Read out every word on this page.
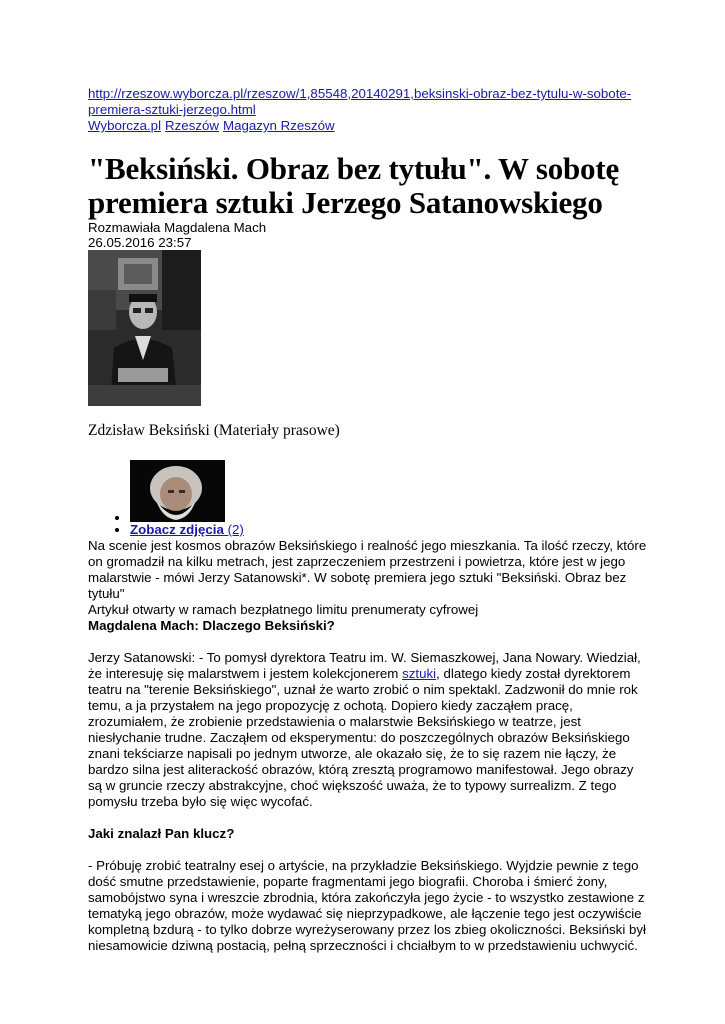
http://rzeszow.wyborcza.pl/rzeszow/1,85548,20140291,beksinski-obraz-bez-tytulu-w-sobote-
premiera-sztuki-jerzego.html
Wyborcza.pl Rzeszów Magazyn Rzeszów
"Beksiński. Obraz bez tytułu". W sobotę premiera sztuki Jerzego Satanowskiego
Rozmawiała Magdalena Mach
26.05.2016 23:57
Zdzisław Beksiński (Materiały prasowe)
•
• Zobacz zdjęcia (2)

Na scenie jest kosmos obrazów Beksińskiego i realność jego mieszkania. Ta ilość rzeczy, które on gromadził na kilku metrach, jest zaprzeczeniem przestrzeni i powietrza, które jest w jego malarstwie - mówi Jerzy Satanowski*. W sobotę premiera jego sztuki "Beksiński. Obraz bez tytułu"

Artykuł otwarty w ramach bezpłatnego limitu prenumeraty cyfrowej

Magdalena Mach: Dlaczego Beksiński?

Jerzy Satanowski: - To pomysł dyrektora Teatru im. W. Siemaszkowej, Jana Nowary. Wiedział, że interesuję się malarstwem i jestem kolekcjonerem sztuki, dlatego kiedy został dyrektorem teatru na "terenie Beksińskiego", uznał że warto zrobić o nim spektakl. Zadzwonił do mnie rok temu, a ja przystałem na jego propozycję z ochotą. Dopiero kiedy zacząłem pracę, zrozumiałem, że zrobienie przedstawienia o malarstwie Beksińskiego w teatrze, jest niesłychanie trudne. Zacząłem od eksperymentu: do poszczególnych obrazów Beksińskiego znani tekściarze napisali po jednym utworze, ale okazało się, że to się razem nie łączy, że bardzo silna jest aliterackość obrazów, którą zresztą programowo manifestował. Jego obrazy są w gruncie rzeczy abstrakcyjne, choć większość uważa, że to typowy surrealizm. Z tego pomysłu trzeba było się więc wycofać.

Jaki znalazł Pan klucz?

- Próbuję zrobić teatralny esej o artyście, na przykładzie Beksińskiego. Wyjdzie pewnie z tego dość smutne przedstawienie, poparte fragmentami jego biografii. Choroba i śmierć żony, samobójstwo syna i wreszcie zbrodnia, która zakończyła jego życie - to wszystko zestawione z tematyką jego obrazów, może wydawać się nieprzypadkowe, ale łączenie tego jest oczywiście kompletną bzdurą - to tylko dobrze wyreżyserowany przez los zbieg okoliczności. Beksiński był niesamowicie dziwną postacią, pełną sprzeczności i chciałbym to w przedstawieniu uchwycić.
